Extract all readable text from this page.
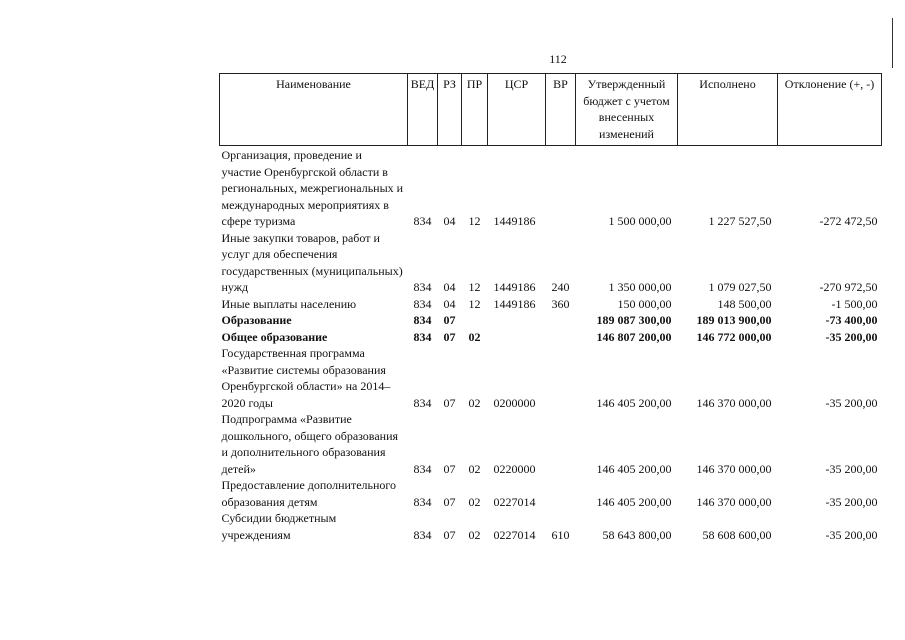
112
Наименование	ВЕД	РЗ	ПР	ЦСР	ВР	Утвержденный бюджет с учетом внесенных изменений	Исполнено	Отклонение (+, -)
Организация, проведение и участие Оренбургской области в региональных, межрегиональных и международных мероприятиях в сфере туризма	834	04	12	1449186		1 500 000,00	1 227 527,50	-272 472,50
Иные закупки товаров, работ и услуг для обеспечения государственных (муниципальных) нужд	834	04	12	1449186	240	1 350 000,00	1 079 027,50	-270 972,50
Иные выплаты населению	834	04	12	1449186	360	150 000,00	148 500,00	-1 500,00
Образование	834	07				189 087 300,00	189 013 900,00	-73 400,00
Общее образование	834	07	02			146 807 200,00	146 772 000,00	-35 200,00
Государственная программа «Развитие системы образования Оренбургской области» на 2014–2020 годы	834	07	02	0200000		146 405 200,00	146 370 000,00	-35 200,00
Подпрограмма «Развитие дошкольного, общего образования и дополнительного образования детей»	834	07	02	0220000		146 405 200,00	146 370 000,00	-35 200,00
Предоставление дополнительного образования детям	834	07	02	0227014		146 405 200,00	146 370 000,00	-35 200,00
Субсидии бюджетным учреждениям	834	07	02	0227014	610	58 643 800,00	58 608 600,00	-35 200,00
